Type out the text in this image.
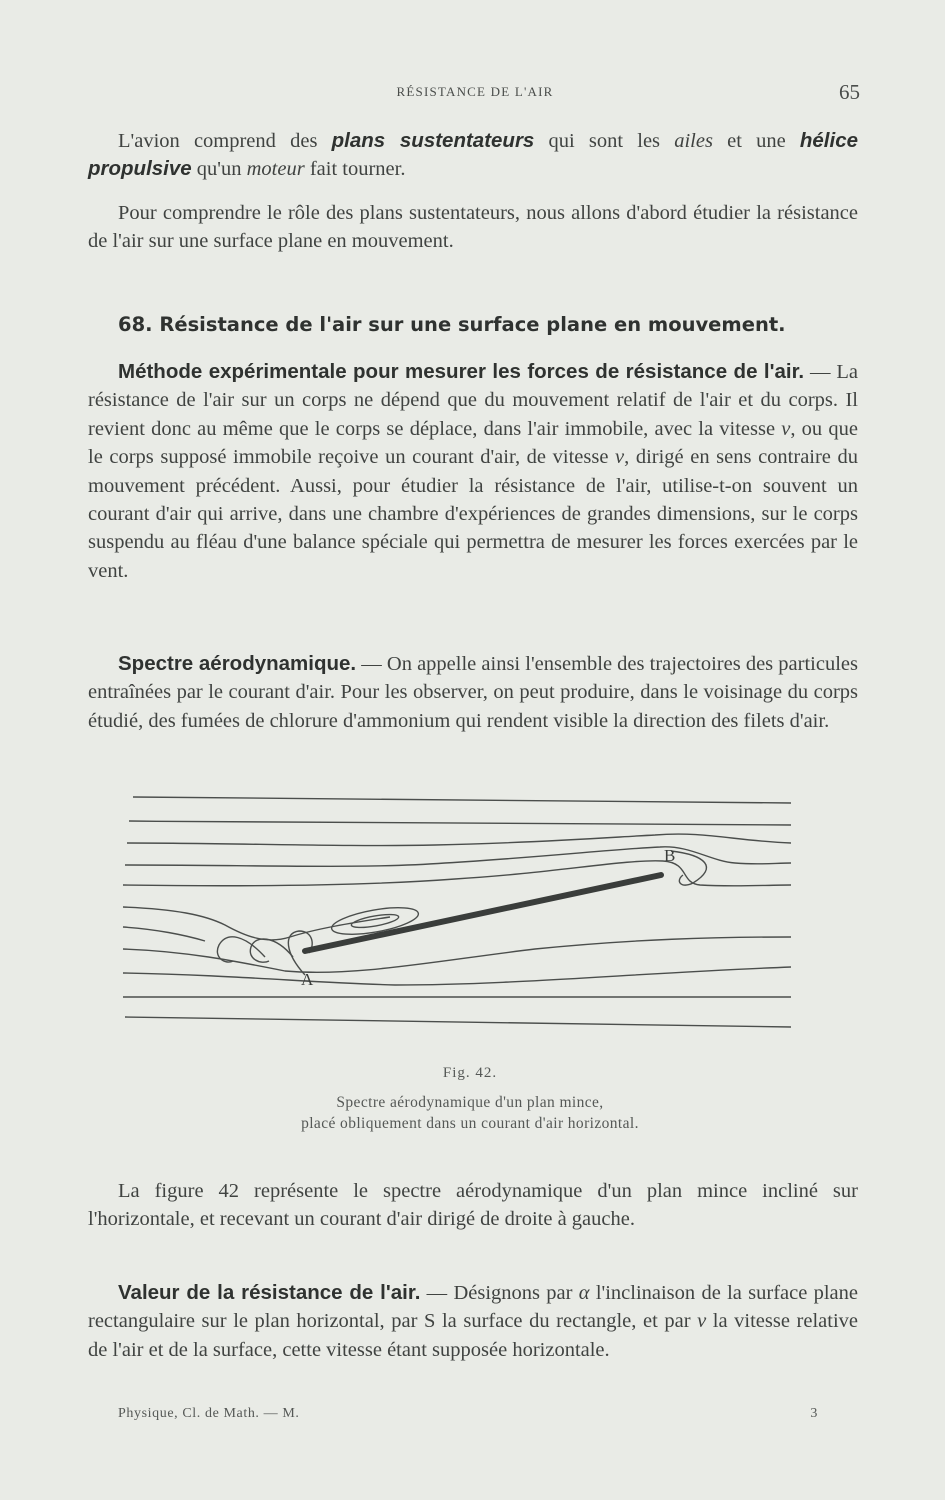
RÉSISTANCE DE L'AIR	65
L'avion comprend des plans sustentateurs qui sont les ailes et une hélice propulsive qu'un moteur fait tourner.
Pour comprendre le rôle des plans sustentateurs, nous allons d'abord étudier la résistance de l'air sur une surface plane en mouvement.
68. Résistance de l'air sur une surface plane en mouvement.
Méthode expérimentale pour mesurer les forces de résistance de l'air. — La résistance de l'air sur un corps ne dépend que du mouvement relatif de l'air et du corps. Il revient donc au même que le corps se déplace, dans l'air immobile, avec la vitesse v, ou que le corps supposé immobile reçoive un courant d'air, de vitesse v, dirigé en sens contraire du mouvement précédent. Aussi, pour étudier la résistance de l'air, utilise-t-on souvent un courant d'air qui arrive, dans une chambre d'expériences de grandes dimensions, sur le corps suspendu au fléau d'une balance spéciale qui permettra de mesurer les forces exercées par le vent.
Spectre aérodynamique. — On appelle ainsi l'ensemble des trajectoires des particules entraînées par le courant d'air. Pour les observer, on peut produire, dans le voisinage du corps étudié, des fumées de chlorure d'ammonium qui rendent visible la direction des filets d'air.
A
B
Fig. 42.
Spectre aérodynamique d'un plan mince,
placé obliquement dans un courant d'air horizontal.
La figure 42 représente le spectre aérodynamique d'un plan mince incliné sur l'horizontale, et recevant un courant d'air dirigé de droite à gauche.
Valeur de la résistance de l'air. — Désignons par α l'inclinaison de la surface plane rectangulaire sur le plan horizontal, par S la surface du rectangle, et par v la vitesse relative de l'air et de la surface, cette vitesse étant supposée horizontale.
Physique, Cl. de Math. — M.	3
